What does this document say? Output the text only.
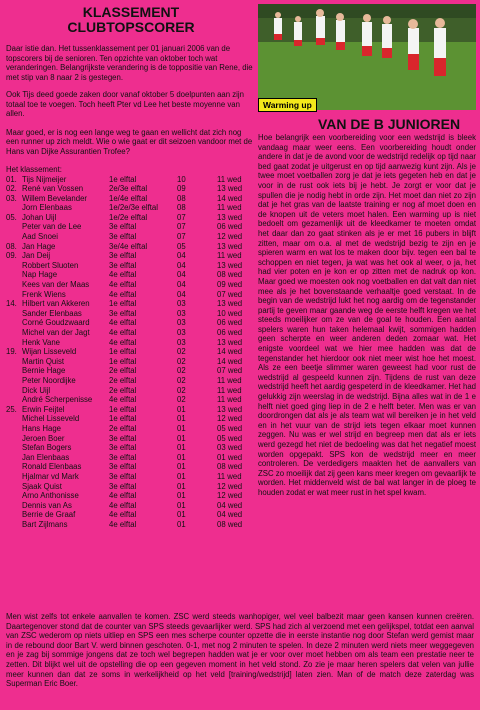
KLASSEMENT
CLUBTOPSCORER

Daar istie dan. Het tussenklassement per 01 januari 2006 van de topscorers bij de senioren. Ten opzichte van oktober toch wat veranderingen. Belangrijkste verandering is de toppositie van Rene, die met stip van 8 naar 2 is gestegen.

Ook Tijs deed goede zaken door vanaf oktober 5 doelpunten aan zijn totaal toe te voegen. Toch heeft Pter vd Lee het beste moyenne van allen.

Maar goed, er is nog een lange weg te gaan en wellicht dat zich nog een runner up zich meldt. Wie o wie gaat er dit seizoen vandoor met de Hans van Dijke Assurantien Trofee?

Het klassement:
01.	Tijs Nijmeijer	1e elftal	10	11 wed
02.	René van Vossen	2e/3e elftal	09	13 wed
03.	Willem Bevelander	1e/4e elftal	08	14 wed
	Jorn Elenbaas	1e/2e/3e elftal	08	11 wed
05.	Johan Uijl	1e/2e elftal	07	13 wed
	Peter van de Lee	3e elftal	07	06 wed
	Aad Snoei	3e elftal	07	12 wed
08.	Jan Hage	3e/4e elftal	05	13 wed
09.	Jan Deij	3e elftal	04	11 wed
	Robbert Sluoten	3e elftal	04	13 wed
	Nap Hage	4e elftal	04	08 wed
	Kees van der Maas	4e elftal	04	09 wed
	Frenk Wiens	4e elftal	04	07 wed
14.	Hilbert van Akkeren	1e elftal	03	13 wed
	Sander Elenbaas	3e elftal	03	10 wed
	Corné Goudzwaard	4e elftal	03	06 wed
	Michel van der Jagt	4e elftal	03	06 wed
	Henk Vane	4e elftal	03	13 wed
19.	Wijan Lisseveld	1e elftal	02	14 wed
	Martin Quist	1e elftal	02	14 wed
	Bernie Hage	2e elftal	02	07 wed
	Peter Noordijke	2e elftal	02	11 wed
	Dick Uijl	2e elftal	02	11 wed
	André Scherpenisse	4e elftal	02	11 wed
25.	Erwin Feijtel	1e elftal	01	13 wed
	Michel Lisseveld	1e elftal	01	12 wed
	Hans Hage	2e elftal	01	05 wed
	Jeroen Boer	3e elftal	01	05 wed
	Stefan Bogers	3e elftal	01	03 wed
	Jan Elenbaas	3e elftal	01	01 wed
	Ronald Elenbaas	3e elftal	01	08 wed
	Hjalmar vd Mark	3e elftal	01	11 wed
	Sjaak Quist	3e elftal	01	12 wed
	Arno Anthonisse	4e elftal	01	12 wed
	Dennis van As	4e elftal	01	04 wed
	Berrie de Graaf	4e elftal	01	04 wed
	Bart Zijlmans	4e elftal	01	08 wed
Warming up
VAN DE B JUNIOREN
Hoe belangrijk een voorbereiding voor een wedstrijd is bleek vandaag maar weer eens. Een voorbereiding houdt onder andere in dat je de avond voor de wedstrijd redelijk op tijd naar bed gaat zodat je uitgerust en op tijd aanwezig kunt zijn. Als je twee moet voetballen zorg je dat je iets gegeten heb en dat je voor in de rust ook iets bij je hebt. Je zorgt er voor dat je spullen die je nodig hebt in orde zijn. Het moet dan niet zo zijn dat je het gras van de laatste training er nog af moet doen en de knopen uit de veters moet halen. Een warming up is niet bedoelt om gezamenlijk uit de kleedkamer te moeten omdat het daar dan zo gaat stinken als je er met 16 pubers in blijft zitten, maar om o.a. al met de wedstrijd bezig te zijn en je spieren warm en wat los te maken door bijv. tegen een bal te schoppen en niet tegen, ja wat was het ook al weer, o ja, het had vier poten en je kon er op zitten met de nadruk op kon. Maar goed we moesten ook nog voetballen en dat valt dan niet mee als je het bovenstaande verhaaltje goed verstaat. In de begin van de wedstrijd lukt het nog aardig om de tegenstander partij te geven maar gaande weg de eerste helft kregen we het steeds moeilijker om ze van de goal te houden. Een aantal spelers waren hun taken helemaal kwijt, sommigen hadden geen scherpte en weer anderen deden zomaar wat. Het enigste voordeel wat we hier mee hadden was dat de tegenstander het hierdoor ook niet meer wist hoe het moest. Als ze een beetje slimmer waren geweest had voor rust de wedstrijd al gespeeld kunnen zijn. Tijdens de rust van deze wedstrijd heeft het aardig gespeterd in de kleedkamer. Het had gelukkig zijn weerslag in de wedstrijd. Bijna alles wat in de 1 e helft niet goed ging liep in de 2 e helft beter. Men was er van doordrongen dat als je als team wat wil bereiken je in het veld en in het vuur van de strijd iets tegen elkaar moet kunnen zeggen. Nu was er wel strijd en begreep men dat als er iets werd gezegd het niet de bedoeling was dat het negatief moest worden opgepakt. SPS kon de wedstrijd meer en meer controleren. De verdedigers maakten het de aanvallers van ZSC zo moeilijk dat zij geen kans meer kregen om gevaarlijk te worden. Het middenveld wist de bal wat langer in de ploeg te houden zodat er wat meer rust in het spel kwam.
Men wist zelfs tot enkele aanvallen te komen. ZSC werd steeds wanhopiger, wel veel balbezit maar geen kansen kunnen creëren. Daartegenover stond dat de counter van SPS steeds gevaarlijker werd. SPS had zich al verzoend met een gelijkspel, totdat een aanval van ZSC wederom op niets uitliep en SPS een mes scherpe counter opzette die in eerste instantie nog door Stefan werd gemist maar in de rebound door Bart V. werd binnen geschoten. 0-1, met nog 2 minuten te spelen. In deze 2 minuten werd niets meer weggegeven en je zag bij sommige jongens dat ze toch wel begrepen hadden wat je er voor over moet hebben om als team een prestatie neer te zetten. Dit blijkt wel uit de opstelling die op een gegeven moment in het veld stond. Zo zie je maar heren spelers dat velen van jullie meer kunnen dan dat ze soms in werkelijkheid op het veld [training/wedstrijd] laten zien. Man of de match deze zaterdag was Superman Eric Boer.
